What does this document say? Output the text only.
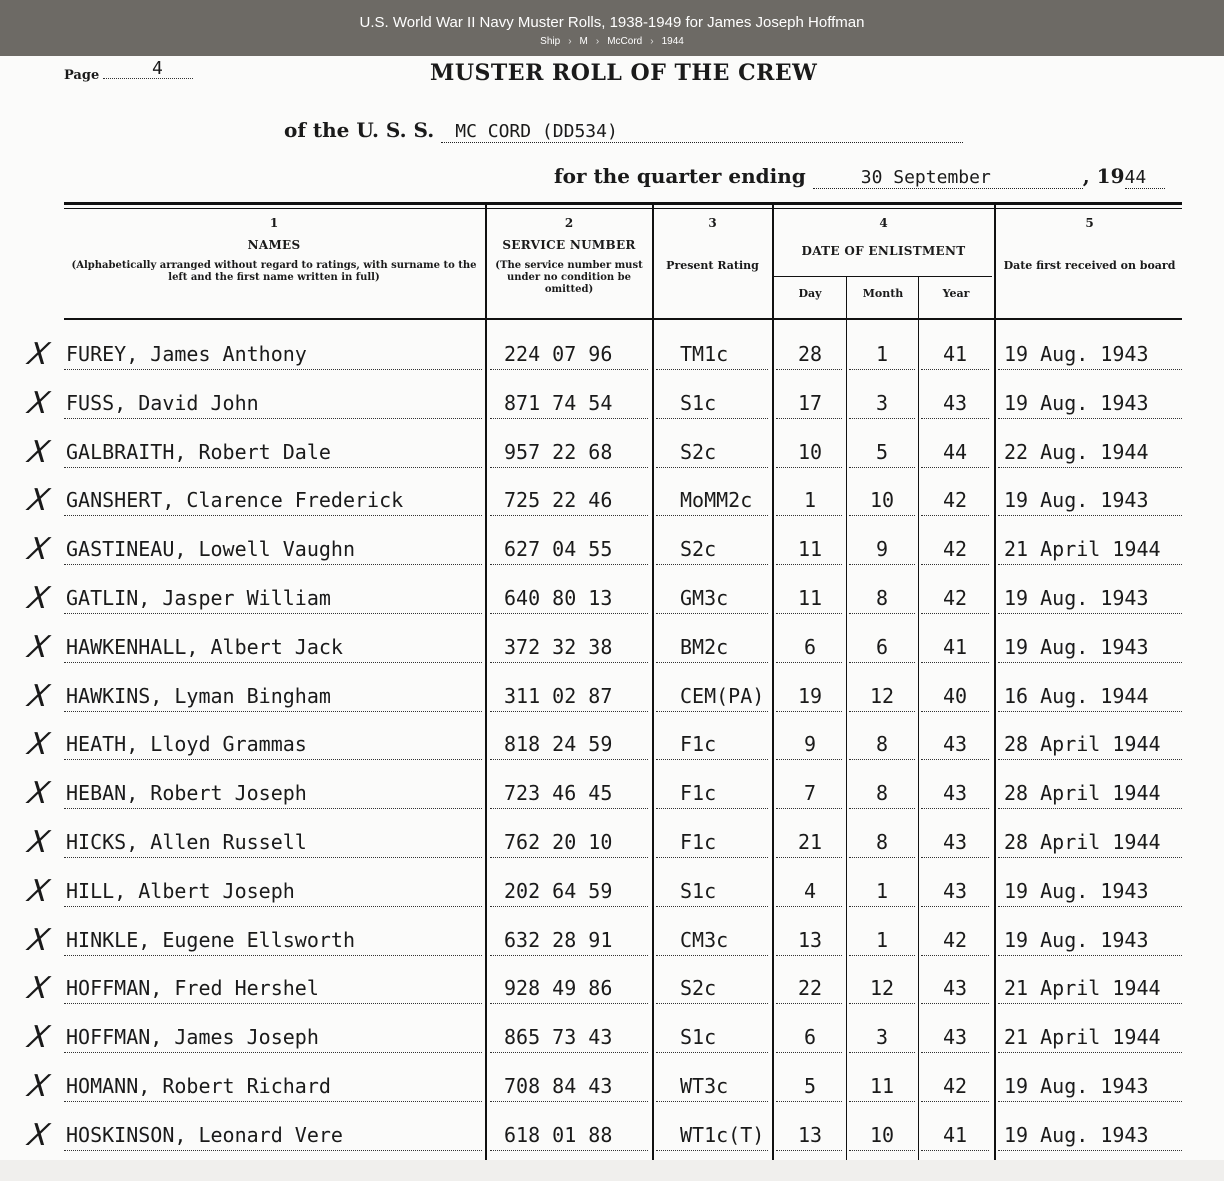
U.S. World War II Navy Muster Rolls, 1938-1949 for James Joseph Hoffman
Ship › M › McCord › 1944
Page	4	MUSTER ROLL OF THE CREW
of the U. S. S. MC CORD (DD534)
for the quarter ending	30 September	, 1944
1
NAMES
(Alphabetically arranged without regard to ratings, with surname to the left and the first name written in full)
2
SERVICE NUMBER
(The service number must under no condition be omitted)
3
Present Rating
4
DATE OF ENLISTMENT
Day	Month	Year
5
Date first received on board
X FUREY, James Anthony	224 07 96	TM1c	28	1	41	19 Aug. 1943
X FUSS, David John	871 74 54	S1c	17	3	43	19 Aug. 1943
X GALBRAITH, Robert Dale	957 22 68	S2c	10	5	44	22 Aug. 1944
X GANSHERT, Clarence Frederick	725 22 46	MoMM2c	1	10	42	19 Aug. 1943
X GASTINEAU, Lowell Vaughn	627 04 55	S2c	11	9	42	21 April 1944
X GATLIN, Jasper William	640 80 13	GM3c	11	8	42	19 Aug. 1943
X HAWKENHALL, Albert Jack	372 32 38	BM2c	6	6	41	19 Aug. 1943
X HAWKINS, Lyman Bingham	311 02 87	CEM(PA)	19	12	40	16 Aug. 1944
X HEATH, Lloyd Grammas	818 24 59	F1c	9	8	43	28 April 1944
X HEBAN, Robert Joseph	723 46 45	F1c	7	8	43	28 April 1944
X HICKS, Allen Russell	762 20 10	F1c	21	8	43	28 April 1944
X HILL, Albert Joseph	202 64 59	S1c	4	1	43	19 Aug. 1943
X HINKLE, Eugene Ellsworth	632 28 91	CM3c	13	1	42	19 Aug. 1943
X HOFFMAN, Fred Hershel	928 49 86	S2c	22	12	43	21 April 1944
X HOFFMAN, James Joseph	865 73 43	S1c	6	3	43	21 April 1944
X HOMANN, Robert Richard	708 84 43	WT3c	5	11	42	19 Aug. 1943
X HOSKINSON, Leonard Vere	618 01 88	WT1c(T)	13	10	41	19 Aug. 1943
